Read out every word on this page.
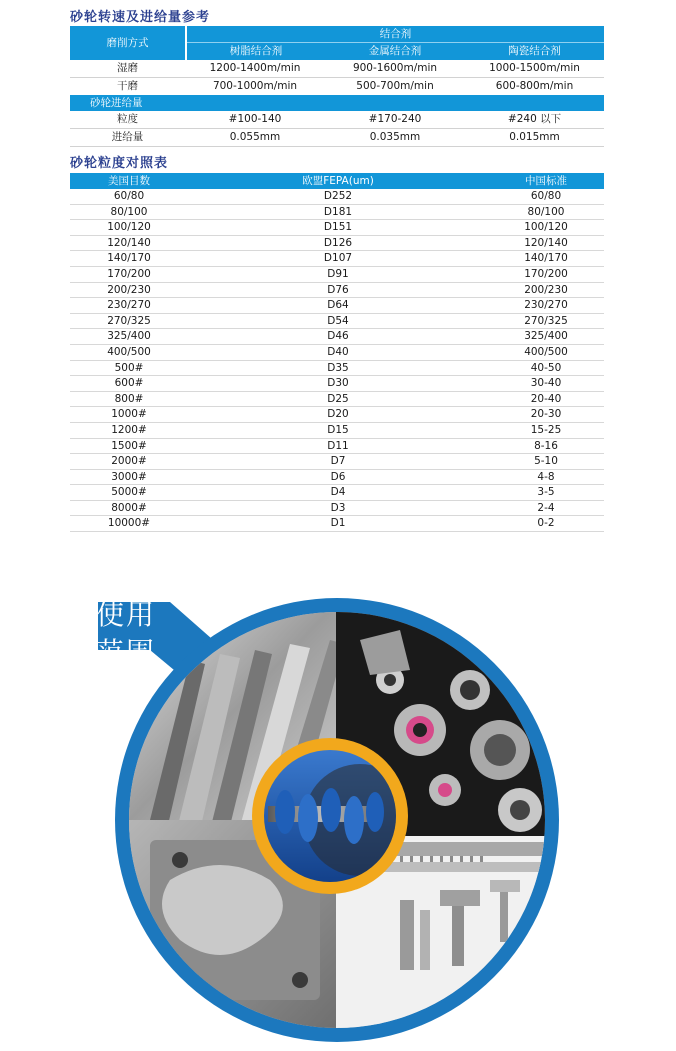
砂轮转速及进给量参考
磨削方式
结合剂
树脂结合剂	金属结合剂	陶瓷结合剂
湿磨	1200-1400m/min	900-1600m/min	1000-1500m/min
干磨	700-1000m/min	500-700m/min	600-800m/min
砂轮进给量
粒度	#100-140	#170-240	#240 以下
进给量	0.055mm	0.035mm	0.015mm
砂轮粒度对照表
美国目数	欧盟FEPA(um)	中国标准
60/80	D252	60/80
80/100	D181	80/100
100/120	D151	100/120
120/140	D126	120/140
140/170	D107	140/170
170/200	D91	170/200
200/230	D76	200/230
230/270	D64	230/270
270/325	D54	270/325
325/400	D46	325/400
400/500	D40	400/500
500#	D35	40-50
600#	D30	30-40
800#	D25	20-40
1000#	D20	20-30
1200#	D15	15-25
1500#	D11	8-16
2000#	D7	5-10
3000#	D6	4-8
5000#	D4	3-5
8000#	D3	2-4
10000#	D1	0-2
使用
范围
